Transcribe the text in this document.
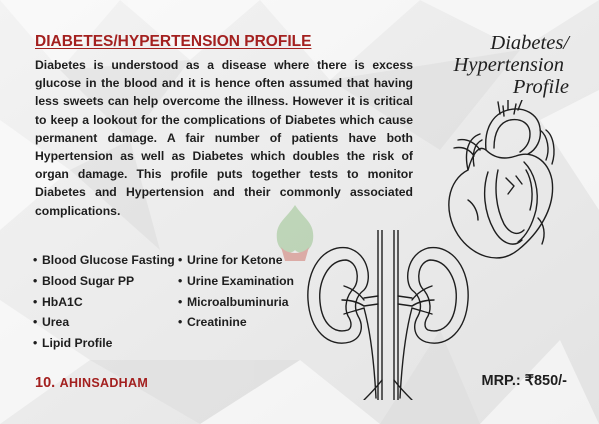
DIABETES/HYPERTENSION PROFILE

Diabetes is understood as a disease where there is excess glucose in the blood and it is hence often assumed that having less sweets can help overcome the illness. However it is critical to keep a lookout for the complications of Diabetes which cause permanent damage. A fair number of patients have both Hypertension as well as Diabetes which doubles the risk of organ damage. This profile puts together tests to monitor Diabetes and Hypertension and their commonly associated complications.

Diabetes/
Hypertension
Profile
• Blood Glucose Fasting
• Blood Sugar PP
• HbA1C
• Urea
• Lipid Profile
• Urine for Ketone
• Urine Examination
• Microalbuminuria
• Creatinine
10. AHINSADHAM	MRP.: ₹850/-
